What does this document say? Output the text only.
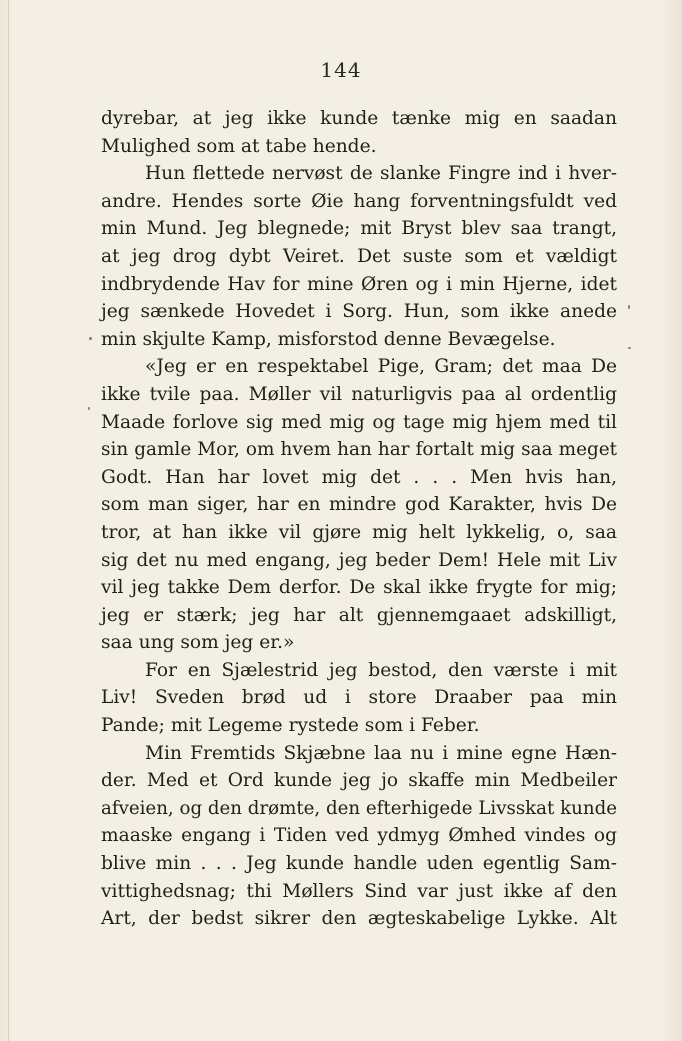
144
dyrebar, at jeg ikke kunde tænke mig en saadan
Mulighed som at tabe hende.
Hun flettede nervøst de slanke Fingre ind i hver-
andre. Hendes sorte Øie hang forventningsfuldt ved
min Mund. Jeg blegnede; mit Bryst blev saa trangt,
at jeg drog dybt Veiret. Det suste som et vældigt
indbrydende Hav for mine Øren og i min Hjerne, idet
jeg sænkede Hovedet i Sorg. Hun, som ikke anede
min skjulte Kamp, misforstod denne Bevægelse.
«Jeg er en respektabel Pige, Gram; det maa De
ikke tvile paa. Møller vil naturligvis paa al ordentlig
Maade forlove sig med mig og tage mig hjem med til
sin gamle Mor, om hvem han har fortalt mig saa meget
Godt. Han har lovet mig det . . . Men hvis han,
som man siger, har en mindre god Karakter, hvis De
tror, at han ikke vil gjøre mig helt lykkelig, o, saa
sig det nu med engang, jeg beder Dem! Hele mit Liv
vil jeg takke Dem derfor. De skal ikke frygte for mig;
jeg er stærk; jeg har alt gjennemgaaet adskilligt,
saa ung som jeg er.»
For en Sjælestrid jeg bestod, den værste i mit
Liv! Sveden brød ud i store Draaber paa min
Pande; mit Legeme rystede som i Feber.
Min Fremtids Skjæbne laa nu i mine egne Hæn-
der. Med et Ord kunde jeg jo skaffe min Medbeiler
afveien, og den drømte, den efterhigede Livsskat kunde
maaske engang i Tiden ved ydmyg Ømhed vindes og
blive min . . . Jeg kunde handle uden egentlig Sam-
vittighedsnag; thi Møllers Sind var just ikke af den
Art, der bedst sikrer den ægteskabelige Lykke. Alt
